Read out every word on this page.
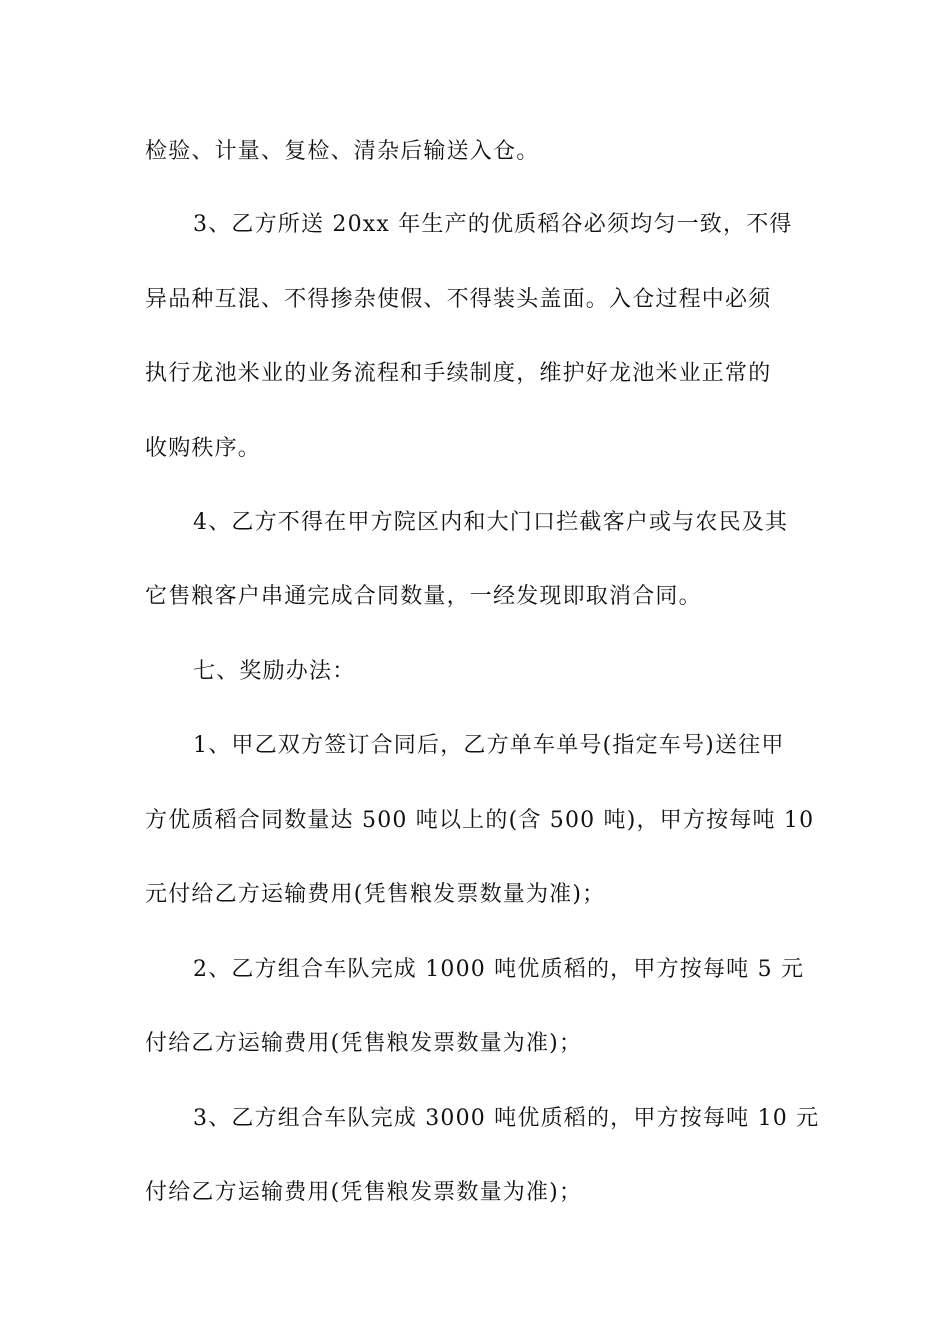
检验、计量、复检、清杂后输送入仓。
3、乙方所送 20xx 年生产的优质稻谷必须均匀一致，不得
异品种互混、不得掺杂使假、不得装头盖面。入仓过程中必须
执行龙池米业的业务流程和手续制度，维护好龙池米业正常的
收购秩序。
4、乙方不得在甲方院区内和大门口拦截客户或与农民及其
它售粮客户串通完成合同数量，一经发现即取消合同。
七、奖励办法：
1、甲乙双方签订合同后，乙方单车单号(指定车号)送往甲
方优质稻合同数量达 500 吨以上的(含 500 吨)，甲方按每吨 10
元付给乙方运输费用(凭售粮发票数量为准)；
2、乙方组合车队完成 1000 吨优质稻的，甲方按每吨 5 元
付给乙方运输费用(凭售粮发票数量为准)；
3、乙方组合车队完成 3000 吨优质稻的，甲方按每吨 10 元
付给乙方运输费用(凭售粮发票数量为准)；
